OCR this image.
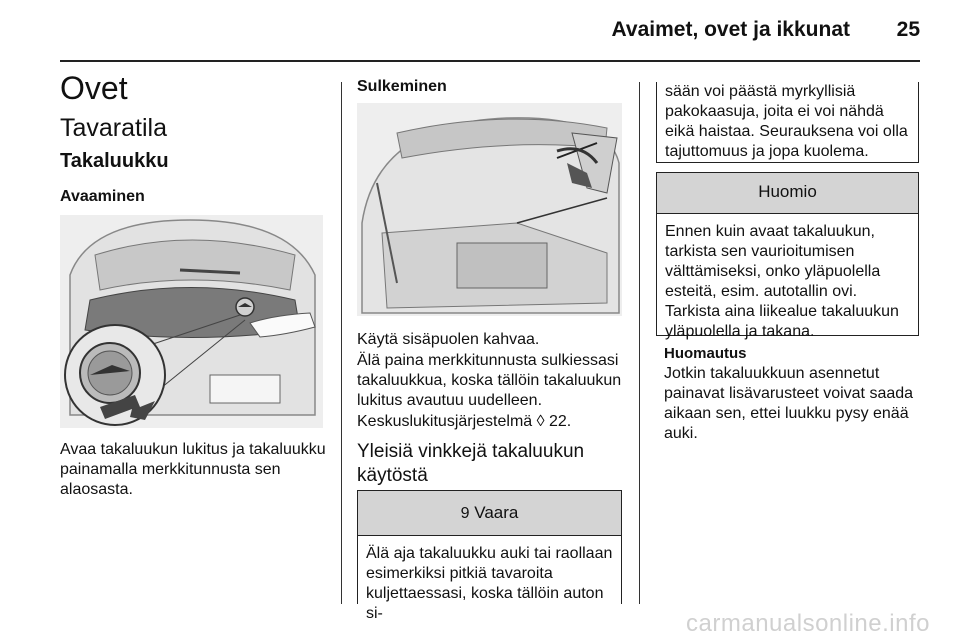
Avaimet, ovet ja ikkunat 25
Ovet
Tavaratila
Takaluukku
Avaaminen
Avaa takaluukun lukitus ja takaluukku painamalla merkkitunnusta sen alaosasta.
Sulkeminen
Käytä sisäpuolen kahvaa.
Älä paina merkkitunnusta sulkiessasi takaluukkua, koska tällöin takaluukun lukitus avautuu uudelleen.
Keskuslukitusjärjestelmä ◊ 22.
Yleisiä vinkkejä takaluukun käytöstä
9 Vaara
Älä aja takaluukku auki tai raollaan esimerkiksi pitkiä tavaroita kuljettaessasi, koska tällöin auton si-
sään voi päästä myrkyllisiä pakokaasuja, joita ei voi nähdä eikä haistaa. Seurauksena voi olla tajuttomuus ja jopa kuolema.
Huomio
Ennen kuin avaat takaluukun, tarkista sen vaurioitumisen välttämiseksi, onko yläpuolella esteitä, esim. autotallin ovi. Tarkista aina liikealue takaluukun yläpuolella ja takana.
Huomautus
Jotkin takaluukkuun asennetut painavat lisävarusteet voivat saada aikaan sen, ettei luukku pysy enää auki.
carmanualsonline.info
